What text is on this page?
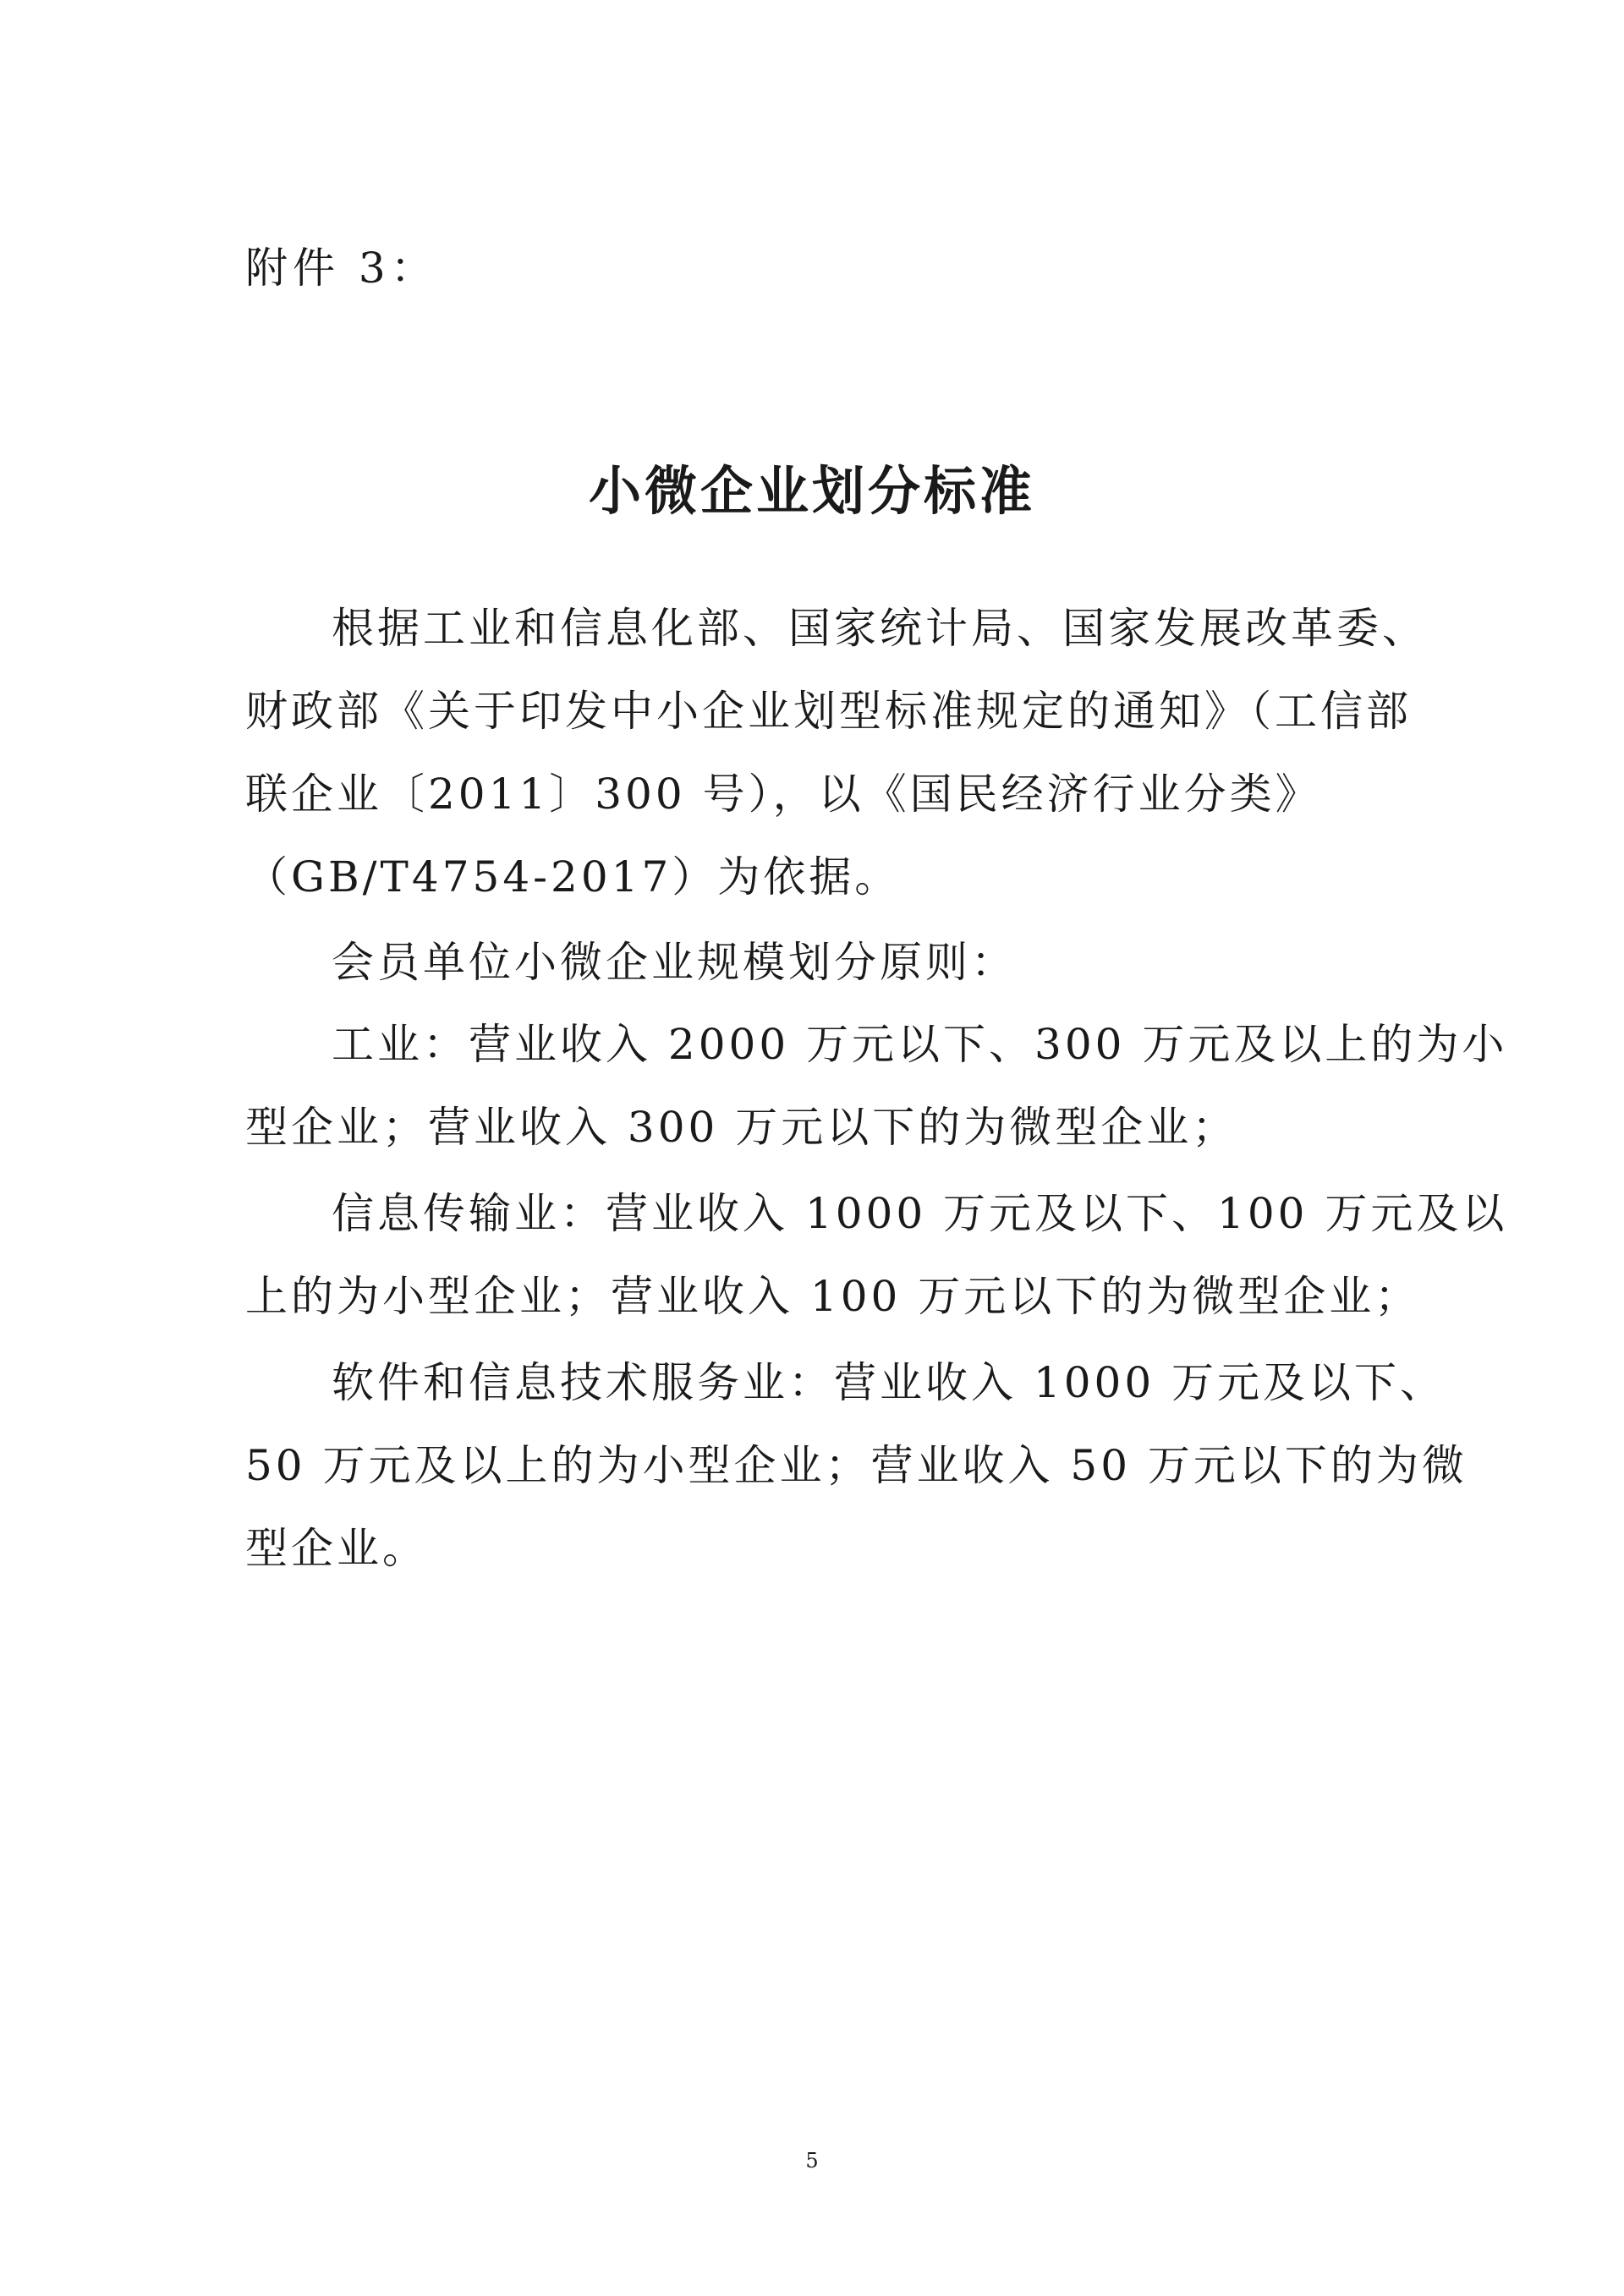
附件 3：
小微企业划分标准
根据工业和信息化部、国家统计局、国家发展改革委、
财政部《关于印发中小企业划型标准规定的通知》（工信部
联企业〔2011〕300 号），以《国民经济行业分类》
（GB/T4754-2017）为依据。
会员单位小微企业规模划分原则：
工业：营业收入 2000 万元以下、300 万元及以上的为小
型企业；营业收入 300 万元以下的为微型企业；
信息传输业：营业收入 1000 万元及以下、100 万元及以
上的为小型企业；营业收入 100 万元以下的为微型企业；
软件和信息技术服务业：营业收入 1000 万元及以下、
50 万元及以上的为小型企业；营业收入 50 万元以下的为微
型企业。
5
